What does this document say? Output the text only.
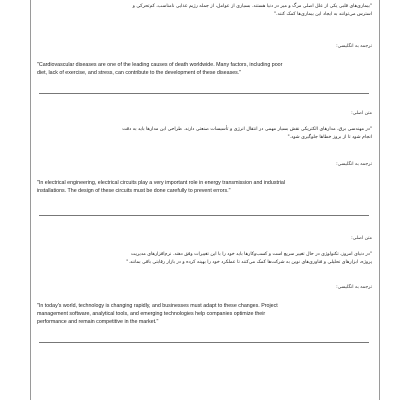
"بیماری‌های قلبی یکی از علل اصلی مرگ و میر در دنیا هستند. بسیاری از عوامل، از جمله رژیم غذایی نامناسب، کم‌تحرکی و
استرس می‌توانند به ایجاد این بیماری‌ها کمک کنند."
ترجمه به انگلیسی:
"Cardiovascular diseases are one of the leading causes of death worldwide. Many factors, including poor
diet, lack of exercise, and stress, can contribute to the development of these diseases."
متن اصلی:
"در مهندسی برق، مدارهای الکتریکی نقش بسیار مهمی در انتقال انرژی و تأسیسات صنعتی دارند. طراحی این مدارها باید به دقت
انجام شود تا از بروز خطاها جلوگیری شود."
ترجمه به انگلیسی:
"In electrical engineering, electrical circuits play a very important role in energy transmission and industrial
installations. The design of these circuits must be done carefully to prevent errors."
متن اصلی:
"در دنیای امروز، تکنولوژی در حال تغییر سریع است و کسب‌وکارها باید خود را با این تغییرات وفق دهند. نرم‌افزارهای مدیریت
پروژه، ابزارهای تحلیلی و فناوری‌های نوین به شرکت‌ها کمک می‌کنند تا عملکرد خود را بهینه کرده و در بازار رقابتی باقی بمانند."
ترجمه به انگلیسی:
"In today's world, technology is changing rapidly, and businesses must adapt to these changes. Project
management software, analytical tools, and emerging technologies help companies optimize their
performance and remain competitive in the market."
